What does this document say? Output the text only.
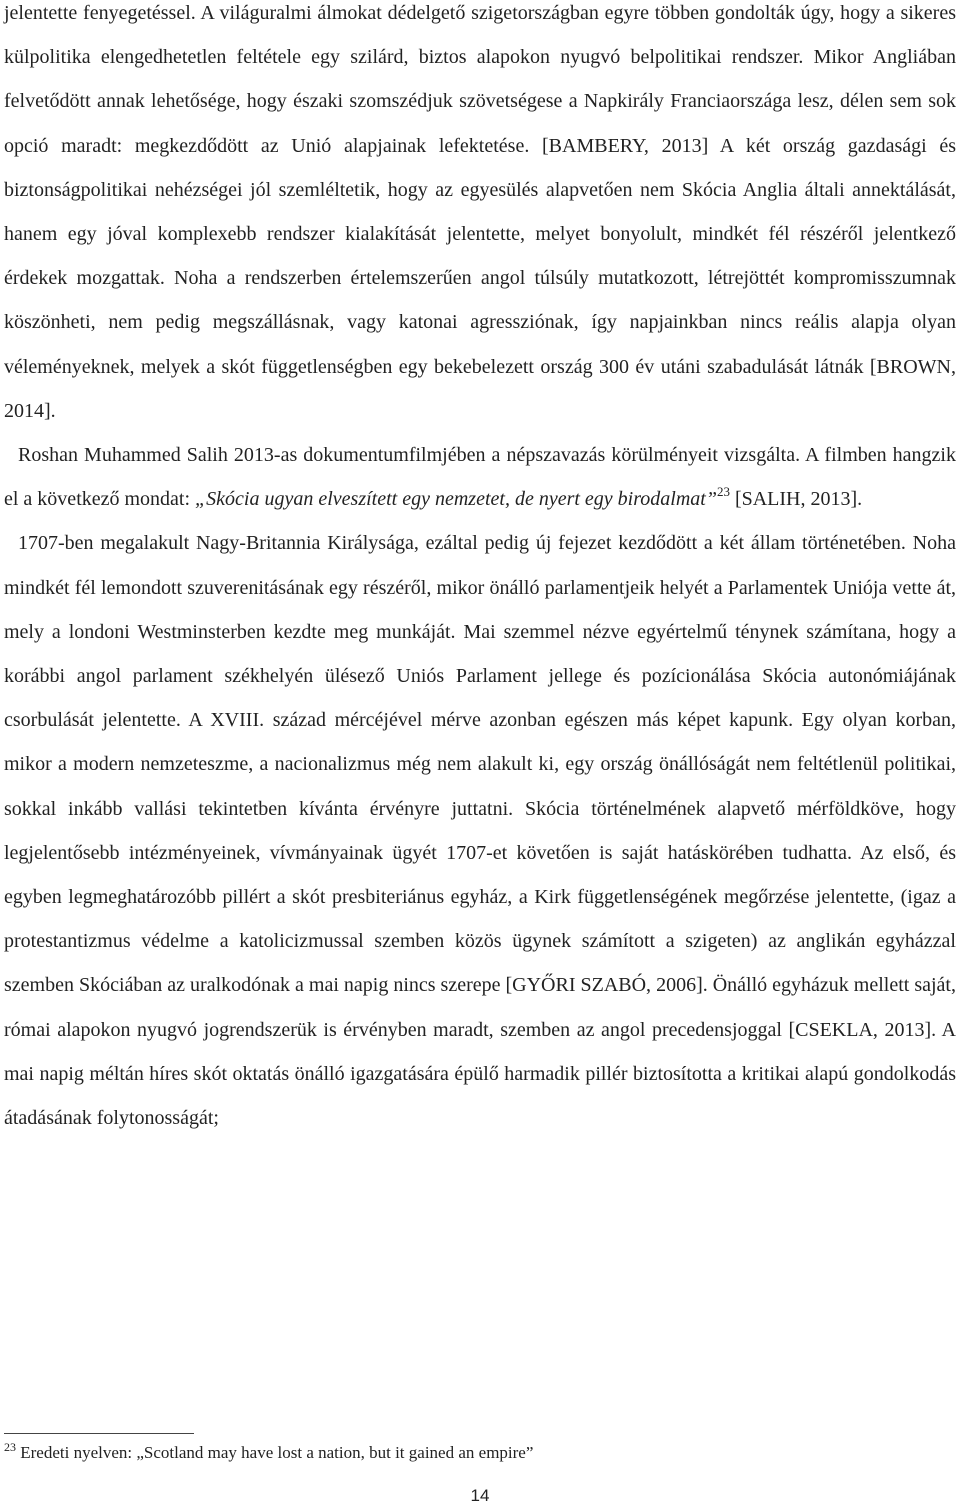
jelentette fenyegetéssel. A világuralmi álmokat dédelgető szigetországban egyre többen gondolták úgy, hogy a sikeres külpolitika elengedhetetlen feltétele egy szilárd, biztos alapokon nyugvó belpolitikai rendszer. Mikor Angliában felvetődött annak lehetősége, hogy északi szomszédjuk szövetségese a Napkirály Franciaországa lesz, délen sem sok opció maradt: megkezdődött az Unió alapjainak lefektetése. [BAMBERY, 2013] A két ország gazdasági és biztonságpolitikai nehézségei jól szemléltetik, hogy az egyesülés alapvetően nem Skócia Anglia általi annektálását, hanem egy jóval komplexebb rendszer kialakítását jelentette, melyet bonyolult, mindkét fél részéről jelentkező érdekek mozgattak. Noha a rendszerben értelemszerűen angol túlsúly mutatkozott, létrejöttét kompromisszumnak köszönheti, nem pedig megszállásnak, vagy katonai agressziónak, így napjainkban nincs reális alapja olyan véleményeknek, melyek a skót függetlenségben egy bekebelezett ország 300 év utáni szabadulását látnák [BROWN, 2014].

Roshan Muhammed Salih 2013-as dokumentumfilmjében a népszavazás körülményeit vizsgálta. A filmben hangzik el a következő mondat: „Skócia ugyan elveszített egy nemzetet, de nyert egy birodalmat”$^{23}$ [SALIH, 2013].

1707-ben megalakult Nagy-Britannia Királysága, ezáltal pedig új fejezet kezdődött a két állam történetében. Noha mindkét fél lemondott szuverenitásának egy részéről, mikor önálló parlamentjeik helyét a Parlamentek Uniója vette át, mely a londoni Westminsterben kezdte meg munkáját. Mai szemmel nézve egyértelmű ténynek számítana, hogy a korábbi angol parlament székhelyén ülésező Uniós Parlament jellege és pozícionálása Skócia autonómiájának csorbulását jelentette. A XVIII. század mércéjével mérve azonban egészen más képet kapunk. Egy olyan korban, mikor a modern nemzeteszme, a nacionalizmus még nem alakult ki, egy ország önállóságát nem feltétlenül politikai, sokkal inkább vallási tekintetben kívánta érvényre juttatni. Skócia történelmének alapvető mérföldköve, hogy legjelentősebb intézményeinek, vívmányainak ügyét 1707-et követően is saját hatáskörében tudhatta. Az első, és egyben legmeghatározóbb pillért a skót presbiteriánus egyház, a Kirk függetlenségének megőrzése jelentette, (igaz a protestantizmus védelme a katolicizmussal szemben közös ügynek számított a szigeten) az anglikán egyházzal szemben Skóciában az uralkodónak a mai napig nincs szerepe [GYŐRI SZABÓ, 2006]. Önálló egyházuk mellett saját, római alapokon nyugvó jogrendszerük is érvényben maradt, szemben az angol precedensjoggal [CSEKLA, 2013]. A mai napig méltán híres skót oktatás önálló igazgatására épülő harmadik pillér biztosította a kritikai alapú gondolkodás átadásának folytonosságát;

$^{23}$ Eredeti nyelven: „Scotland may have lost a nation, but it gained an empire”
14
